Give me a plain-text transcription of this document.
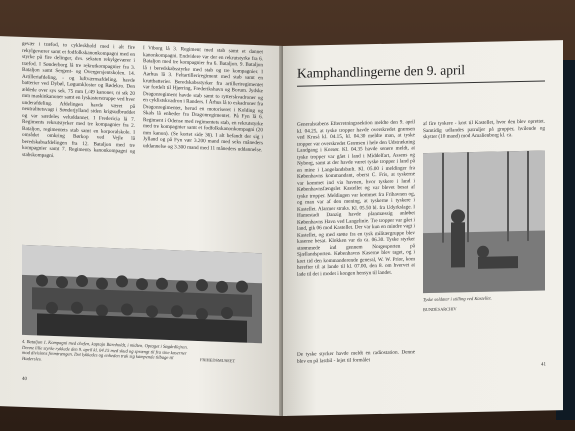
gevær i træfod, to cykleskhold med i alt fire rekylgeværer samt et fodfolkskanonkompagni med en styrke på fire delinger, dvs. seksten rekylgeværer i træfod. I Sønderborg lå tre rekrutkompagnier fra 3. Bataljon samt Sergent- og Overgersjentskolen. 14. Artilleriafdeling, - og luftværnsafdeling, havde batterier ved Dybøl, Løgumkloster og Rødekro. Den ældede over sys sek. 75 mm L/49 kanoner, ni stk 20 mm maskinkanoner samt en lyskasterstruppe ved hver underafdeling. Afdelingen havde været på neutralitetsvagt i Sønderjylland siden krigsudbruddet og var særdeles veluddannet. I Fredericia lå 7. Regiments rekrutstyrker med tre kompagnier fra 2. Bataljon, regimentets stab samt en korporalskole. I området omkring Børkop ved Vejle lå beredskabsafdelingen fra 12. Bataljon med tre kompagnier samt 7. Regiments kanonkompagni og stabskompagni.
I Viborg lå 3. Regiment med stab samt et dannet kanonkompagni. Endvidere var der en rekrutstyrke fra 6. Bataljon med tre kompagnier fra 6. Bataljon. 9. Bataljon lå i beredskabsstyrke med stab og tre kompagnier. I Aarhus lå 3. Feltartilleriregiment med stab samt en kruttbatterier. Beredskabsstyrker fra artilleriregimentet var fordelt til Hjørring, Frederikshavn og Borum. Jydske Dragonregiment havde stab samt to rytterskvadroner og en cyklistskvadron i Randers. I Århus lå to eskadroner fra Dragonregimentet, herud en motoriseret i Kolding og Skals lå enheder fra Dragonregimentet. På Fyn lå 6. Regiment i Odense med regimentets stab, en rekrutstyrke med tre kompagnier samt et fodfolkskanonkompagni (20 mm kanon). (Se kortet side 36). I alt befandt der sig i Jylland og på Fyn vær 3.200 mand med seks måneders uddannelse og 3.300 mand med 11 måneders uddannelse.
4. Bataljon 1. Kompagni med chefen, kaptajn Barnholdt, i midten. Optaget i Søgårdlejren. Denne lille styrke rykkede den 9. april kl. 04.15 med skud og sprængt til fra sine kaserner mod divisions fremtrængen. Det lykkedes og enheden trak sig kampende tilbage til Haderslev.	FRIHEDSMUSEET
40
Kamphandlingerne den 9. april
Generalstabens Efterretningssektion meldte den 9. april kl. 04.25, at tyske tropper havde overskredet grænsen ved Krusá kl. 04.15, kl. 04.30 meldte man, at tyske tropper var overskredet Grænsen i hele den Udstrækning Landgang i Korsør. Kl. 04.35 havde senere meldt, at tyske tropper var gået i land i Middelfart, Assens og Nyborg, samt at der havde været tyske tropper i land på en mine i Langelandsbælt. Kl. 05.00 i meldinger fra Københavns kommandant, oberst C. Fris, at tyskerne var kommet ind via havnen, hvor tyskere i land i Københavnsfængslet Kastellet og var blevet besat af tyske tropper. Meldingen var kommet fra Frihavnen og, og man var af den mening, at tyskerne i tyskere i Kastellet. Alarmer straks. Kl. 05.50 bl. fra Udyrkslage. I Hamestadt Danzig havde planmæssig anløbet Københavns Havn ved Langelinie. Tre tropper var gået i land, gik 06 mod Kastellet. Der var kun en mindre vagt i Kastellet, og med støtte fra en tysk militærgruppe blev kaserne besat. Klokken var da ca. 06.30. Tyske styrker strømmede ind gennem Norgesporten på Sjællandsporten. Københavns Kaserne blev taget, og i kort tid den kommanderende general, W. W. Prior, kom herefter til at lande til kl. 07.00, den 8. om hvervet at lade til det i modet i kongen hensyn til landet.
De tyske styrker havde meldt en radiostation. Denne blev en på lastbil - lejet til formålet
af fire tyskere - kort til Kastellet, hvor den blev oprettet. Samtidig udlandes patruljer på grupper, hvilende og skytter (10 mand) mod Amalienborg kl. ca.
Tyske soldater i stilling ved Kastellet.
BUNDESARCHIV
41
